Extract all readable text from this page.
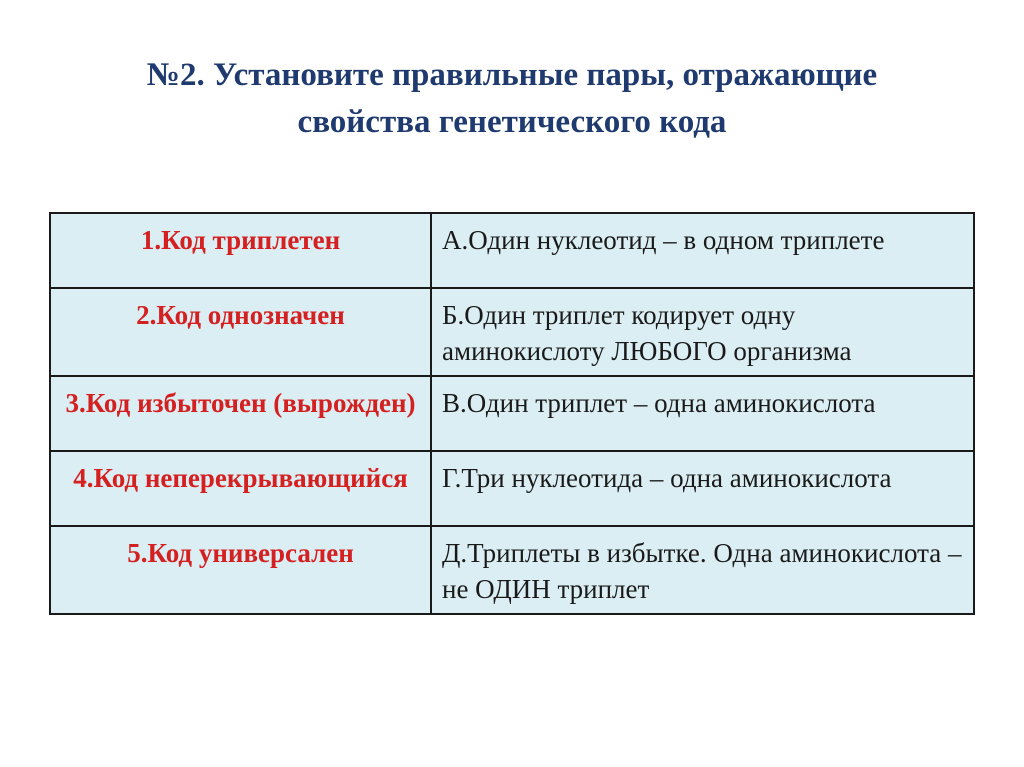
№2. Установите правильные пары, отражающие
свойства генетического кода
1.Код триплетен	А.Один нуклеотид – в одном триплете
2.Код однозначен	Б.Один триплет кодирует одну аминокислоту ЛЮБОГО организма
3.Код избыточен (вырожден)	В.Один триплет – одна аминокислота
4.Код неперекрывающийся	Г.Три нуклеотида – одна аминокислота
5.Код универсален	Д.Триплеты в избытке. Одна аминокислота – не ОДИН триплет
